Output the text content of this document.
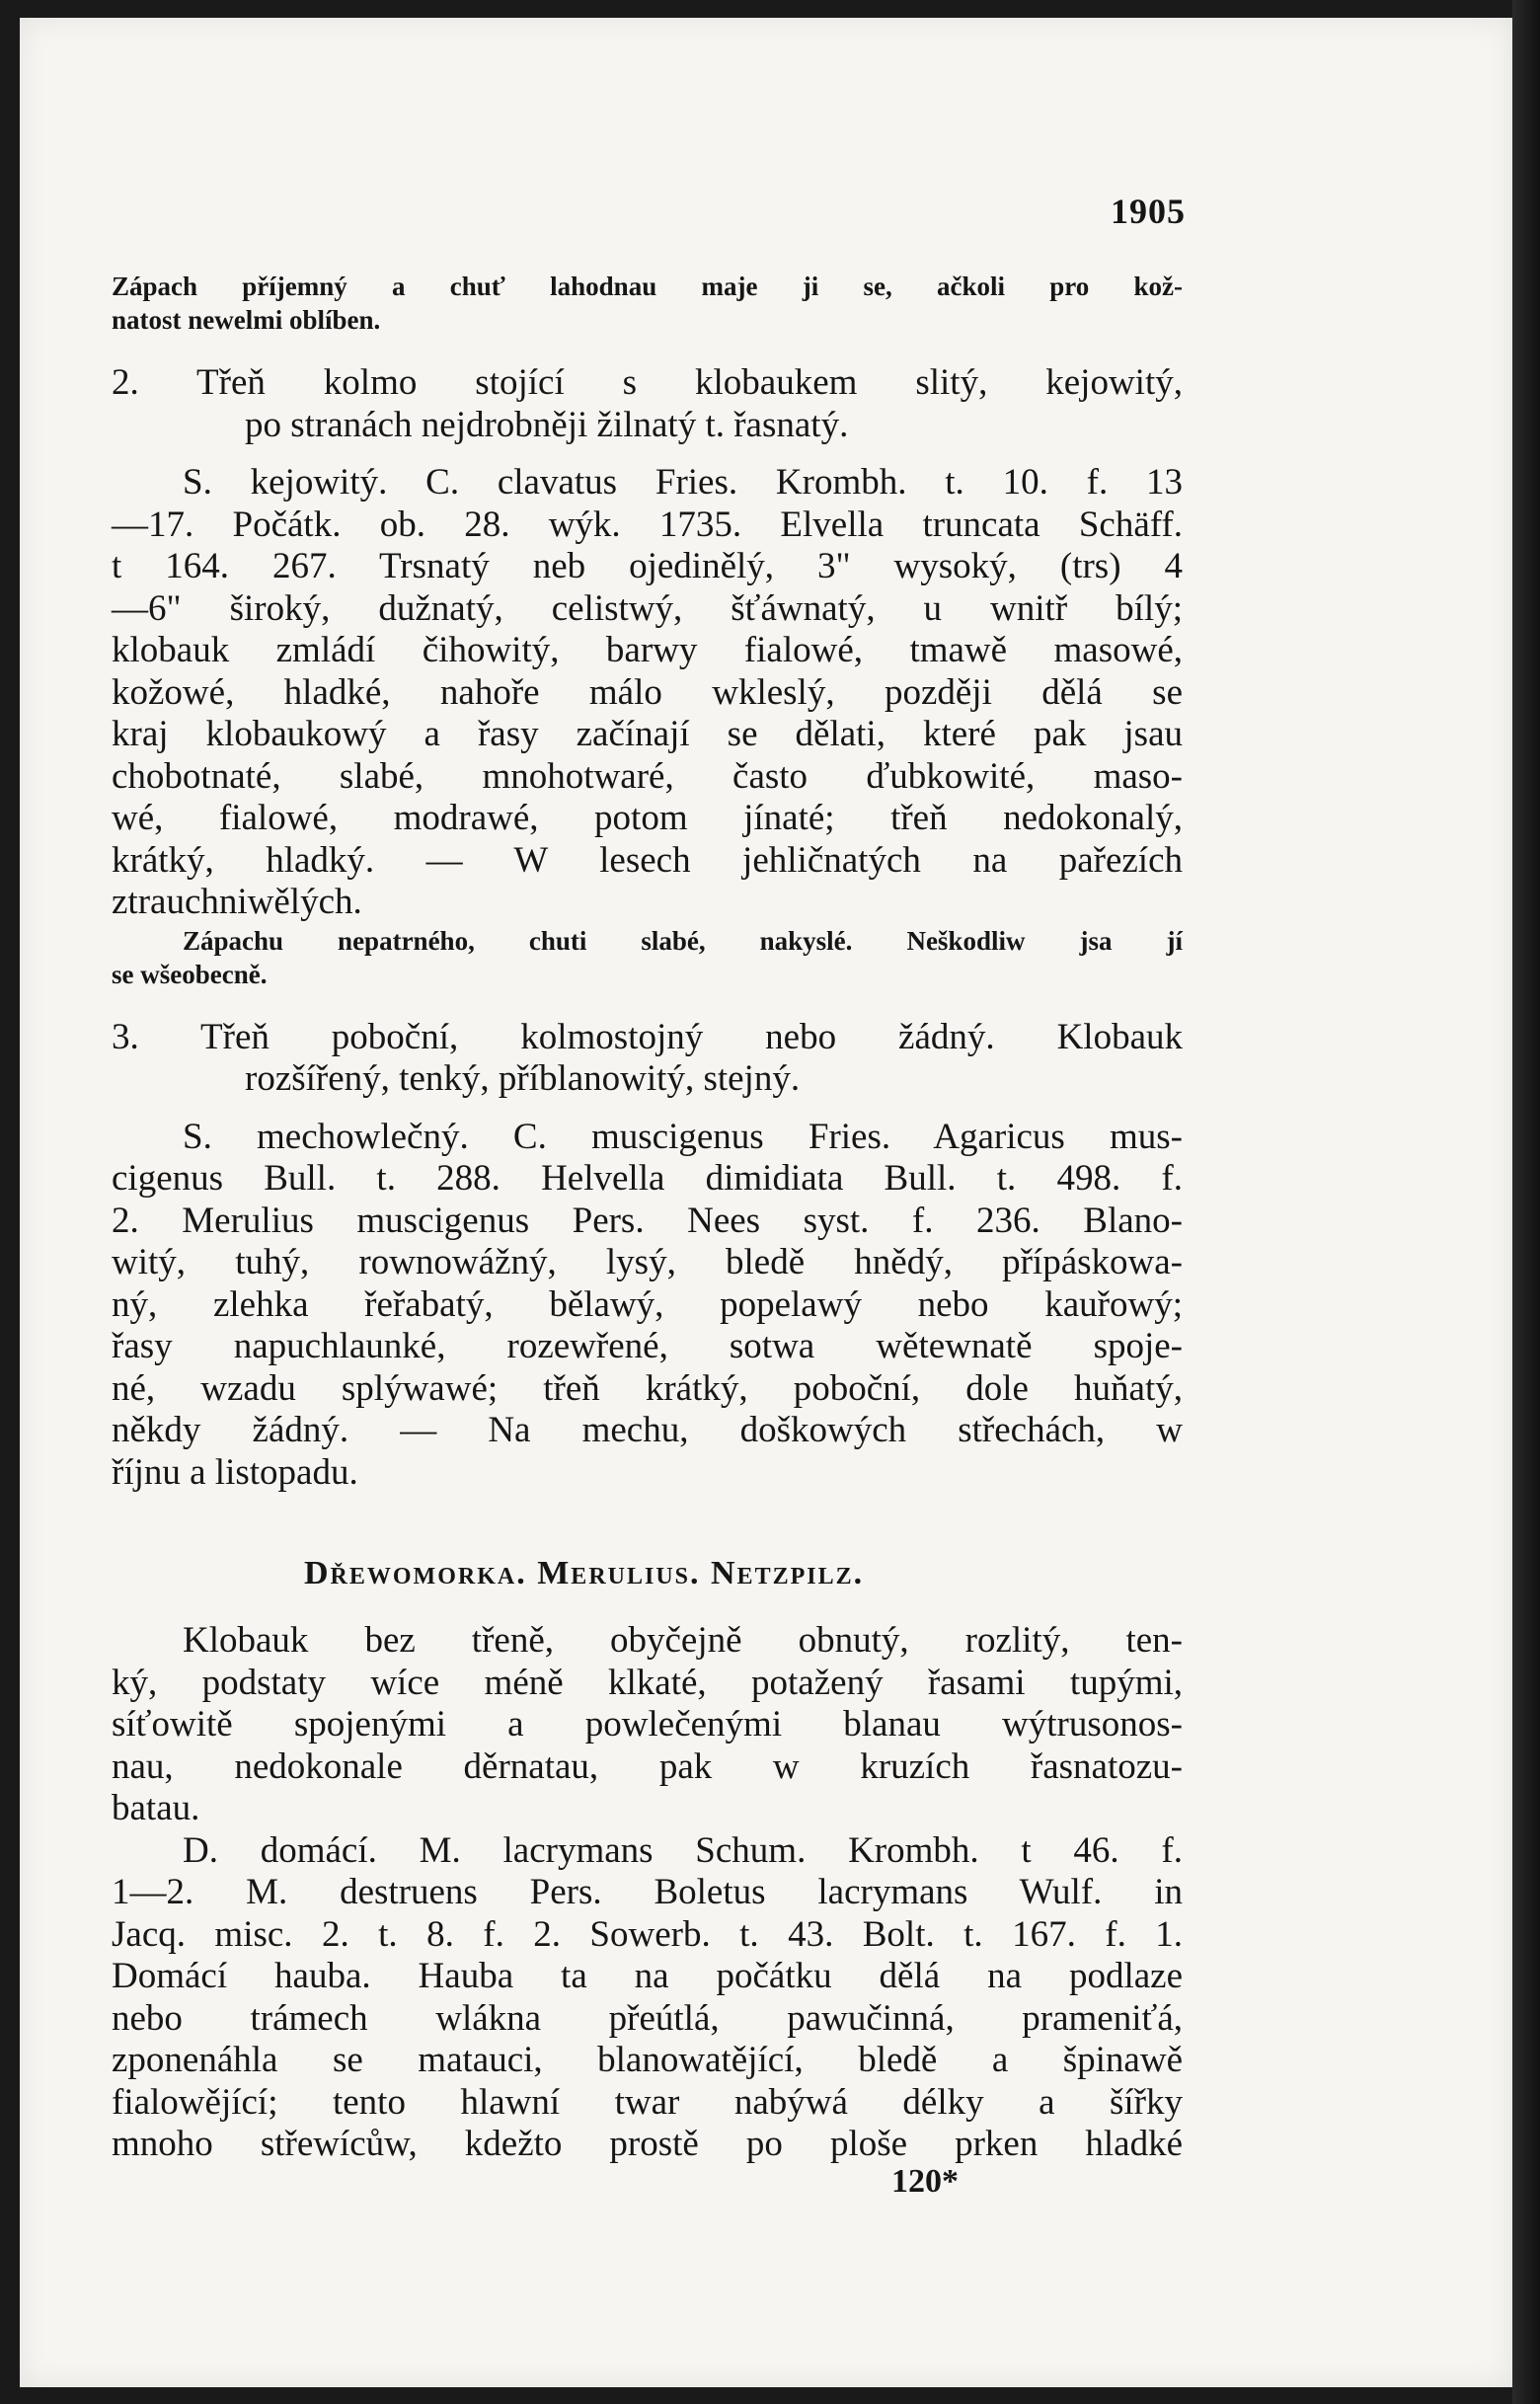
1905
Zápach příjemný a chuť lahodnau maje ji se, ačkoli pro kož-
natost newelmi oblíben.
2. Třeň kolmo stojící s klobaukem slitý, kejowitý,
po stranách nejdrobněji žilnatý t. řasnatý.
S. kejowitý. C. clavatus Fries. Krombh. t. 10. f. 13
—17. Počátk. ob. 28. wýk. 1735. Elvella truncata Schäff.
t 164. 267. Trsnatý neb ojedinělý, 3" wysoký, (trs) 4
—6" široký, dužnatý, celistwý, šťáwnatý, u wnitř bílý;
klobauk zmládí čihowitý, barwy fialowé, tmawě masowé,
kožowé, hladké, nahoře málo wkleslý, později dělá se
kraj klobaukowý a řasy začínají se dělati, které pak jsau
chobotnaté, slabé, mnohotwaré, často ďubkowité, maso-
wé, fialowé, modrawé, potom jínaté; třeň nedokonalý,
krátký, hladký. — W lesech jehličnatých na pařezích
ztrauchniwělých.
Zápachu nepatrného, chuti slabé, nakyslé. Neškodliw jsa jí
se wšeobecně.
3. Třeň poboční, kolmostojný nebo žádný. Klobauk
rozšířený, tenký, příblanowitý, stejný.
S. mechowlečný. C. muscigenus Fries. Agaricus mus-
cigenus Bull. t. 288. Helvella dimidiata Bull. t. 498. f.
2. Merulius muscigenus Pers. Nees syst. f. 236. Blano-
witý, tuhý, rownowážný, lysý, bledě hnědý, přípáskowa-
ný, zlehka řeřabatý, bělawý, popelawý nebo kauřowý;
řasy napuchlaunké, rozewřené, sotwa wětewnatě spoje-
né, wzadu splýwawé; třeň krátký, poboční, dole huňatý,
někdy žádný. — Na mechu, doškowých střechách, w
říjnu a listopadu.
Dřewomorka. Merulius. Netzpilz.
Klobauk bez třeně, obyčejně obnutý, rozlitý, ten-
ký, podstaty wíce méně klkaté, potažený řasami tupými,
síťowitě spojenými a powlečenými blanau wýtrusonos-
nau, nedokonale děrnatau, pak w kruzích řasnatozu-
batau.
D. domácí. M. lacrymans Schum. Krombh. t 46. f.
1—2. M. destruens Pers. Boletus lacrymans Wulf. in
Jacq. misc. 2. t. 8. f. 2. Sowerb. t. 43. Bolt. t. 167. f. 1.
Domácí hauba. Hauba ta na počátku dělá na podlaze
nebo trámech wlákna přeútlá, pawučinná, prameniťá,
zponenáhla se matauci, blanowatějící, bledě a špinawě
fialowějící; tento hlawní twar nabýwá délky a šířky
mnoho střewícůw, kdežto prostě po ploše prken hladké
120*
